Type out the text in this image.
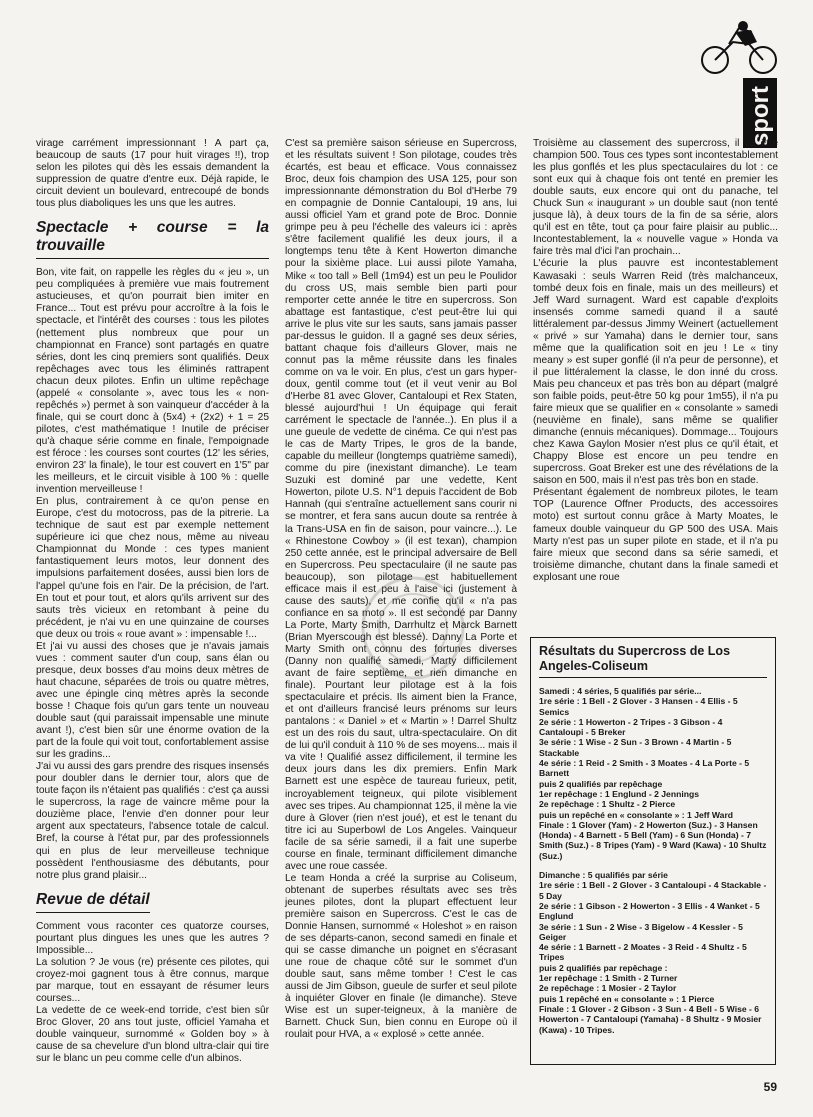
sport

virage carrément impressionnant ! A part ça, beaucoup de sauts (17 pour huit virages !!), trop selon les pilotes qui dès les essais demandent la suppression de quatre d'entre eux. Déjà rapide, le circuit devient un boulevard, entrecoupé de bonds tous plus diaboliques les uns que les autres.

Spectacle + course = la trouvaille

Bon, vite fait, on rappelle les règles du « jeu », un peu compliquées à première vue mais foutrement astucieuses, et qu'on pourrait bien imiter en France... Tout est prévu pour accroître à la fois le spectacle, et l'intérêt des courses : tous les pilotes (nettement plus nombreux que pour un championnat en France) sont partagés en quatre séries, dont les cinq premiers sont qualifiés. Deux repêchages avec tous les éliminés rattrapent chacun deux pilotes. Enfin un ultime repêchage (appelé « consolante », avec tous les « non-repêchés ») permet à son vainqueur d'accéder à la finale, qui se court donc à (5x4) + (2x2) + 1 = 25 pilotes, c'est mathématique ! Inutile de préciser qu'à chaque série comme en finale, l'empoignade est féroce : les courses sont courtes (12' les séries, environ 23' la finale), le tour est couvert en 1'5" par les meilleurs, et le circuit visible à 100 % : quelle invention merveilleuse !

En plus, contrairement à ce qu'on pense en Europe, c'est du motocross, pas de la pitrerie. La technique de saut est par exemple nettement supérieure ici que chez nous, même au niveau Championnat du Monde : ces types manient fantastiquement leurs motos, leur donnent des impulsions parfaitement dosées, aussi bien lors de l'appel qu'une fois en l'air. De la précision, de l'art. En tout et pour tout, et alors qu'ils arrivent sur des sauts très vicieux en retombant à peine du précédent, je n'ai vu en une quinzaine de courses que deux ou trois « roue avant » : impensable !...

Et j'ai vu aussi des choses que je n'avais jamais vues : comment sauter d'un coup, sans élan ou presque, deux bosses d'au moins deux mètres de haut chacune, séparées de trois ou quatre mètres, avec une épingle cinq mètres après la seconde bosse ! Chaque fois qu'un gars tente un nouveau double saut (qui paraissait impensable une minute avant !), c'est bien sûr une énorme ovation de la part de la foule qui voit tout, confortablement assise sur les gradins...

J'ai vu aussi des gars prendre des risques insensés pour doubler dans le dernier tour, alors que de toute façon ils n'étaient pas qualifiés : c'est ça aussi le supercross, la rage de vaincre même pour la douzième place, l'envie d'en donner pour leur argent aux spectateurs, l'absence totale de calcul. Bref, la course à l'état pur, par des professionnels qui en plus de leur merveilleuse technique possèdent l'enthousiasme des débutants, pour notre plus grand plaisir...

Revue de détail

Comment vous raconter ces quatorze courses, pourtant plus dingues les unes que les autres ? Impossible...

La solution ? Je vous (re) présente ces pilotes, qui croyez-moi gagnent tous à être connus, marque par marque, tout en essayant de résumer leurs courses...

La vedette de ce week-end torride, c'est bien sûr Broc Glover, 20 ans tout juste, officiel Yamaha et double vainqueur, surnommé « Golden boy » à cause de sa chevelure d'un blond ultra-clair qui tire sur le blanc un peu comme celle d'un albinos.

C'est sa première saison sérieuse en Supercross, et les résultats suivent ! Son pilotage, coudes très écartés, est beau et efficace. Vous connaissez Broc, deux fois champion des USA 125, pour son impressionnante démonstration du Bol d'Herbe 79 en compagnie de Donnie Cantaloupi, 19 ans, lui aussi officiel Yam et grand pote de Broc. Donnie grimpe peu à peu l'échelle des valeurs ici : après s'être facilement qualifié les deux jours, il a longtemps tenu tête à Kent Howerton dimanche pour la sixième place. Lui aussi pilote Yamaha, Mike « too tall » Bell (1m94) est un peu le Poulidor du cross US, mais semble bien parti pour remporter cette année le titre en supercross. Son abattage est fantastique, c'est peut-être lui qui arrive le plus vite sur les sauts, sans jamais passer par-dessus le guidon. Il a gagné ses deux séries, battant chaque fois d'ailleurs Glover, mais ne connut pas la même réussite dans les finales comme on va le voir. En plus, c'est un gars hyper-doux, gentil comme tout (et il veut venir au Bol d'Herbe 81 avec Glover, Cantaloupi et Rex Staten, blessé aujourd'hui ! Un équipage qui ferait carrément le spectacle de l'année..). En plus il a une gueule de vedette de cinéma. Ce qui n'est pas le cas de Marty Tripes, le gros de la bande, capable du meilleur (longtemps quatrième samedi), comme du pire (inexistant dimanche). Le team Suzuki est dominé par une vedette, Kent Howerton, pilote U.S. N°1 depuis l'accident de Bob Hannah (qui s'entraîne actuellement sans courir ni se montrer, et fera sans aucun doute sa rentrée à la Trans-USA en fin de saison, pour vaincre...). Le « Rhinestone Cowboy » (il est texan), champion 250 cette année, est le principal adversaire de Bell en Supercross. Peu spectaculaire (il ne saute pas beaucoup), son pilotage est habituellement efficace mais il est peu à l'aise ici (justement à cause des sauts), et me confie qu'il « n'a pas confiance en sa moto ». Il est secondé par Danny La Porte, Marty Smith, Darrhultz et Marck Barnett (Brian Myerscough est blessé). Danny La Porte et Marty Smith ont connu des fortunes diverses (Danny non qualifié samedi, Marty difficilement avant de faire septième, et rien dimanche en finale). Pourtant leur pilotage est à la fois spectaculaire et précis. Ils aiment bien la France, et ont d'ailleurs francisé leurs prénoms sur leurs pantalons : « Daniel » et « Martin » ! Darrel Shultz est un des rois du saut, ultra-spectaculaire. On dit de lui qu'il conduit à 110 % de ses moyens... mais il va vite ! Qualifié assez difficilement, il termine les deux jours dans les dix premiers. Enfin Mark Barnett est une espèce de taureau furieux, petit, incroyablement teigneux, qui pilote visiblement avec ses tripes. Au championnat 125, il mène la vie dure à Glover (rien n'est joué), et est le tenant du titre ici au Superbowl de Los Angeles. Vainqueur facile de sa série samedi, il a fait une superbe course en finale, terminant difficilement dimanche avec une roue cassée.

Le team Honda a créé la surprise au Coliseum, obtenant de superbes résultats avec ses très jeunes pilotes, dont la plupart effectuent leur première saison en Supercross. C'est le cas de Donnie Hansen, surnommé « Holeshot » en raison de ses départs-canon, second samedi en finale et qui se casse dimanche un poignet en s'écrasant une roue de chaque côté sur le sommet d'un double saut, sans même tomber ! C'est le cas aussi de Jim Gibson, gueule de surfer et seul pilote à inquiéter Glover en finale (le dimanche). Steve Wise est un super-teigneux, à la manière de Barnett. Chuck Sun, bien connu en Europe où il roulait pour HVA, a « explosé » cette année.

Troisième au classement des supercross, il va être champion 500. Tous ces types sont incontestablement les plus gonflés et les plus spectaculaires du lot : ce sont eux qui à chaque fois ont tenté en premier les double sauts, eux encore qui ont du panache, tel Chuck Sun « inaugurant » un double saut (non tenté jusque là), à deux tours de la fin de sa série, alors qu'il est en tête, tout ça pour faire plaisir au public... Incontestablement, la « nouvelle vague » Honda va faire très mal d'ici l'an prochain...

L'écurie la plus pauvre est incontestablement Kawasaki : seuls Warren Reid (très malchanceux, tombé deux fois en finale, mais un des meilleurs) et Jeff Ward surnagent. Ward est capable d'exploits insensés comme samedi quand il a sauté littéralement par-dessus Jimmy Weinert (actuellement « privé » sur Yamaha) dans le dernier tour, sans même que la qualification soit en jeu ! Le « tiny meany » est super gonflé (il n'a peur de personne), et il pue littéralement la classe, le don inné du cross. Mais peu chanceux et pas très bon au départ (malgré son faible poids, peut-être 50 kg pour 1m55), il n'a pu faire mieux que se qualifier en « consolante » samedi (neuvième en finale), sans même se qualifier dimanche (ennuis mécaniques). Dommage... Toujours chez Kawa Gaylon Mosier n'est plus ce qu'il était, et Chappy Blose est encore un peu tendre en supercross. Goat Breker est une des révélations de la saison en 500, mais il n'est pas très bon en stade.

Présentant également de nombreux pilotes, le team TOP (Laurence Offner Products, des accessoires moto) est surtout connu grâce à Marty Moates, le fameux double vainqueur du GP 500 des USA. Mais Marty n'est pas un super pilote en stade, et il n'a pu faire mieux que second dans sa série samedi, et troisième dimanche, chutant dans la finale samedi et explosant une roue

Résultats du Supercross de Los Angeles-Coliseum

Samedi : 4 séries, 5 qualifiés par série...

1re série : 1 Bell - 2 Glover - 3 Hansen - 4 Ellis - 5 Semics

2e série : 1 Howerton - 2 Tripes - 3 Gibson - 4 Cantaloupi - 5 Breker

3e série : 1 Wise - 2 Sun - 3 Brown - 4 Martin - 5 Stackable

4e série : 1 Reid - 2 Smith - 3 Moates - 4 La Porte - 5 Barnett

puis 2 qualifiés par repêchage

1er repêchage : 1 Englund - 2 Jennings

2e repêchage : 1 Shultz - 2 Pierce

puis un repêché en « consolante » : 1 Jeff Ward

Finale : 1 Glover (Yam) - 2 Howerton (Suz.) - 3 Hansen (Honda) - 4 Barnett - 5 Bell (Yam) - 6 Sun (Honda) - 7 Smith (Suz.) - 8 Tripes (Yam) - 9 Ward (Kawa) - 10 Shultz (Suz.)

Dimanche : 5 qualifiés par série

1re série : 1 Bell - 2 Glover - 3 Cantaloupi - 4 Stackable - 5 Day

2e série : 1 Gibson - 2 Howerton - 3 Ellis - 4 Wanket - 5 Englund

3e série : 1 Sun - 2 Wise - 3 Bigelow - 4 Kessler - 5 Geiger

4e série : 1 Barnett - 2 Moates - 3 Reid - 4 Shultz - 5 Tripes

puis 2 qualifiés par repêchage :

1er repêchage : 1 Smith - 2 Turner

2e repêchage : 1 Mosier - 2 Taylor

puis 1 repêché en « consolante » : 1 Pierce

Finale : 1 Glover - 2 Gibson - 3 Sun - 4 Bell - 5 Wise - 6 Howerton - 7 Cantaloupi (Yamaha) - 8 Shultz - 9 Mosier (Kawa) - 10 Tripes.

59
